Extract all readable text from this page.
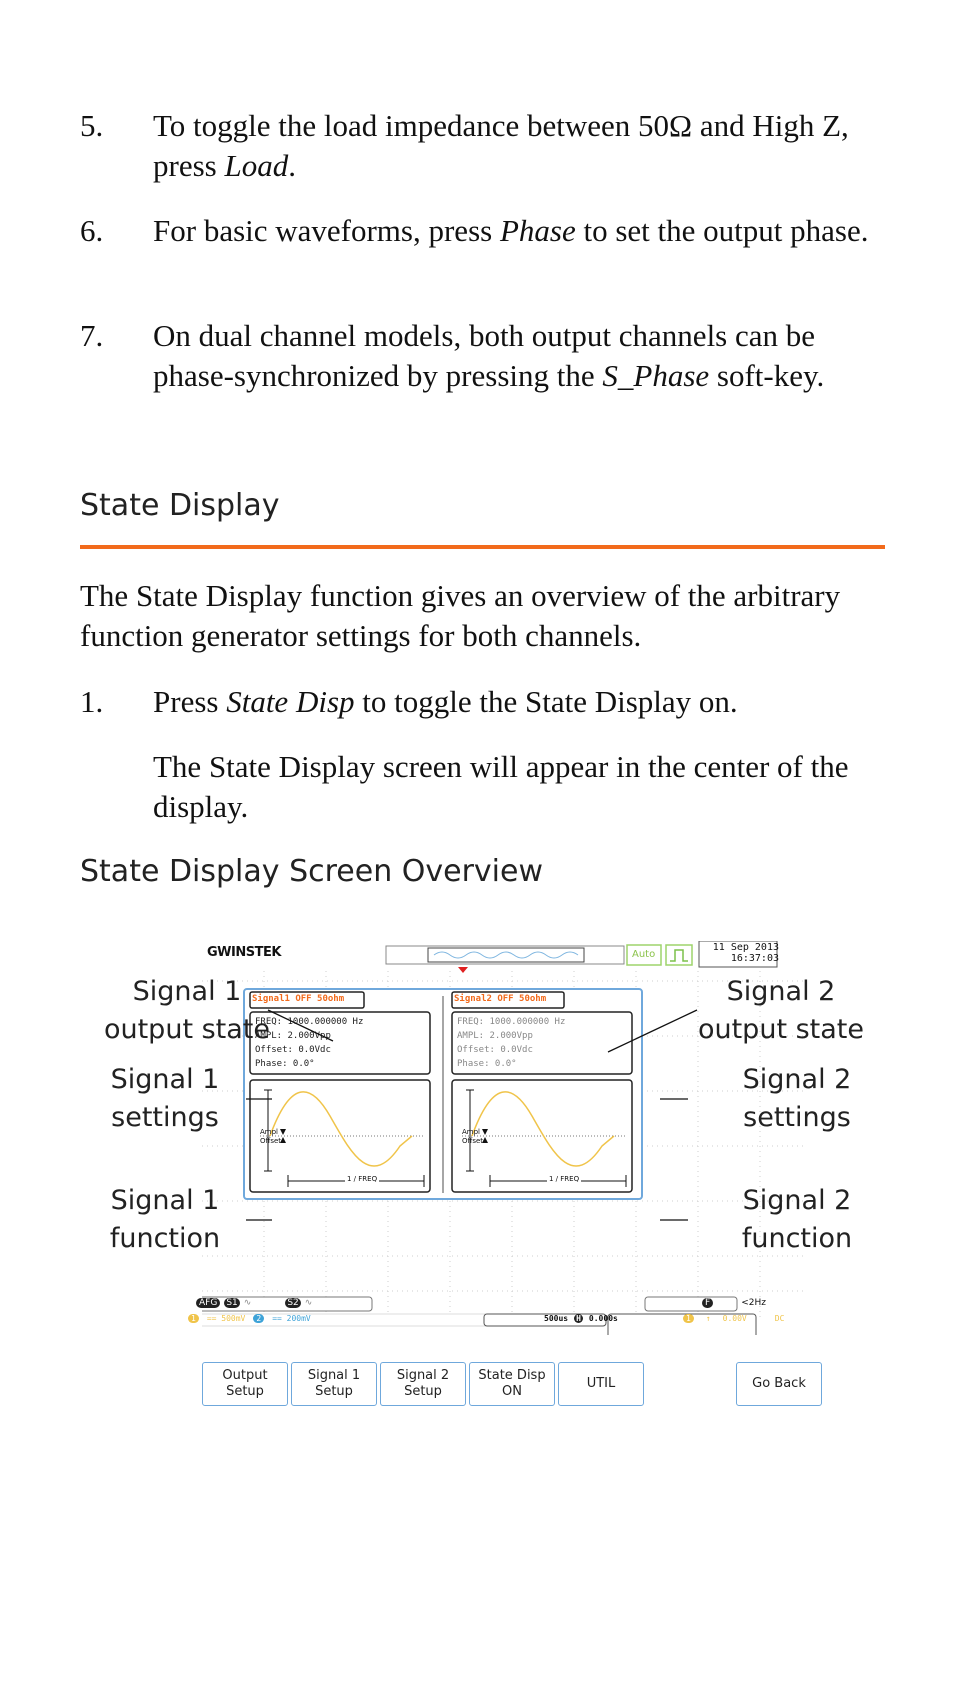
5. To toggle the load impedance between 50Ω and High Z, press Load.
6. For basic waveforms, press Phase to set the output phase.
7. On dual channel models, both output channels can be phase-synchronized by pressing the S_Phase soft-key.
State Display
The State Display function gives an overview of the arbitrary function generator settings for both channels.
1. Press State Disp to toggle the State Display on.
The State Display screen will appear in the center of the display.
State Display Screen Overview
GWINSTEK	Auto
11 Sep 2013
16:37:03
Signal1 OFF 50ohm	Signal2 OFF 50ohm
FREQ: 1000.000000 Hz
AMPL: 2.000Vpp
Offset: 0.0Vdc
Phase: 0.0°
FREQ: 1000.000000 Hz
AMPL: 2.000Vpp
Offset: 0.0Vdc
Phase: 0.0°
Ampl
Offset
Ampl
Offset
1 / FREQ	1 / FREQ
AFG	S1 ∿	S2 ∿	F	<2Hz
1	== 500mV	2	== 200mV	500us H 0.000s	1	↑ 0.00V	DC
Output
Setup
Signal 1
Setup
Signal 2
Setup
State Disp
ON
UTIL	Go Back
Signal 1
output state
Signal 2
output state
Signal 1
settings
Signal 2
settings
Signal 1
function
Signal 2
function
